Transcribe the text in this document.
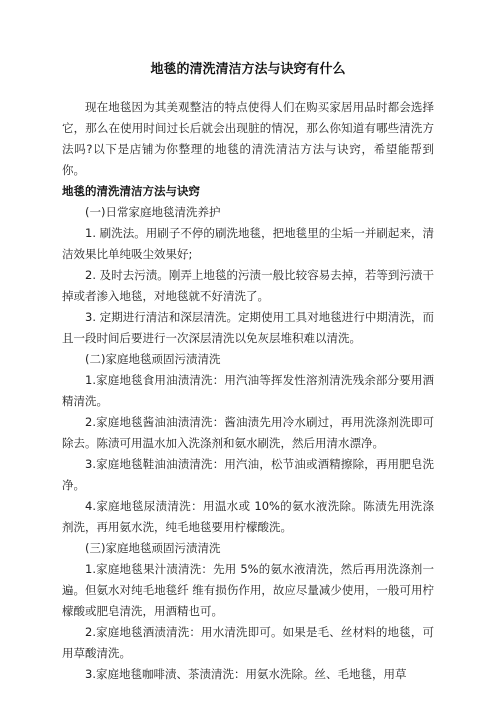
地毯的清洗清洁方法与诀窍有什么

现在地毯因为其美观整洁的特点使得人们在购买家居用品时都会选择它，那么在使用时间过长后就会出现脏的情况，那么你知道有哪些清洗方法吗?以下是店铺为你整理的地毯的清洗清洁方法与诀窍，希望能帮到你。

地毯的清洗清洁方法与诀窍

(一)日常家庭地毯清洗养护

1. 刷洗法。用刷子不停的刷洗地毯，把地毯里的尘垢一并刷起来，清洁效果比单纯吸尘效果好;

2. 及时去污渍。刚弄上地毯的污渍一般比较容易去掉，若等到污渍干掉或者渗入地毯，对地毯就不好清洗了。

3. 定期进行清洁和深层清洗。定期使用工具对地毯进行中期清洗，而且一段时间后要进行一次深层清洗以免灰层堆积难以清洗。

(二)家庭地毯顽固污渍清洗

1.家庭地毯食用油渍清洗：用汽油等挥发性溶剂清洗残余部分要用酒精清洗。

2.家庭地毯酱油油渍清洗：酱油渍先用冷水刷过，再用洗涤剂洗即可除去。陈渍可用温水加入洗涤剂和氨水刷洗，然后用清水漂净。

3.家庭地毯鞋油油渍清洗：用汽油，松节油或酒精擦除，再用肥皂洗净。

4.家庭地毯尿渍清洗：用温水或 10%的氨水液洗除。陈渍先用洗涤剂洗，再用氨水洗，纯毛地毯要用柠檬酸洗。

(三)家庭地毯顽固污渍清洗

1.家庭地毯果汁渍清洗：先用 5%的氨水液清洗，然后再用洗涤剂一遍。但氨水对纯毛地毯纤 维有损伤作用，故应尽量减少使用，一般可用柠檬酸或肥皂清洗，用酒精也可。

2.家庭地毯酒渍清洗：用水清洗即可。如果是毛、丝材料的地毯，可用草酸清洗。

3.家庭地毯咖啡渍、茶渍清洗：用氨水洗除。丝、毛地毯，用草
